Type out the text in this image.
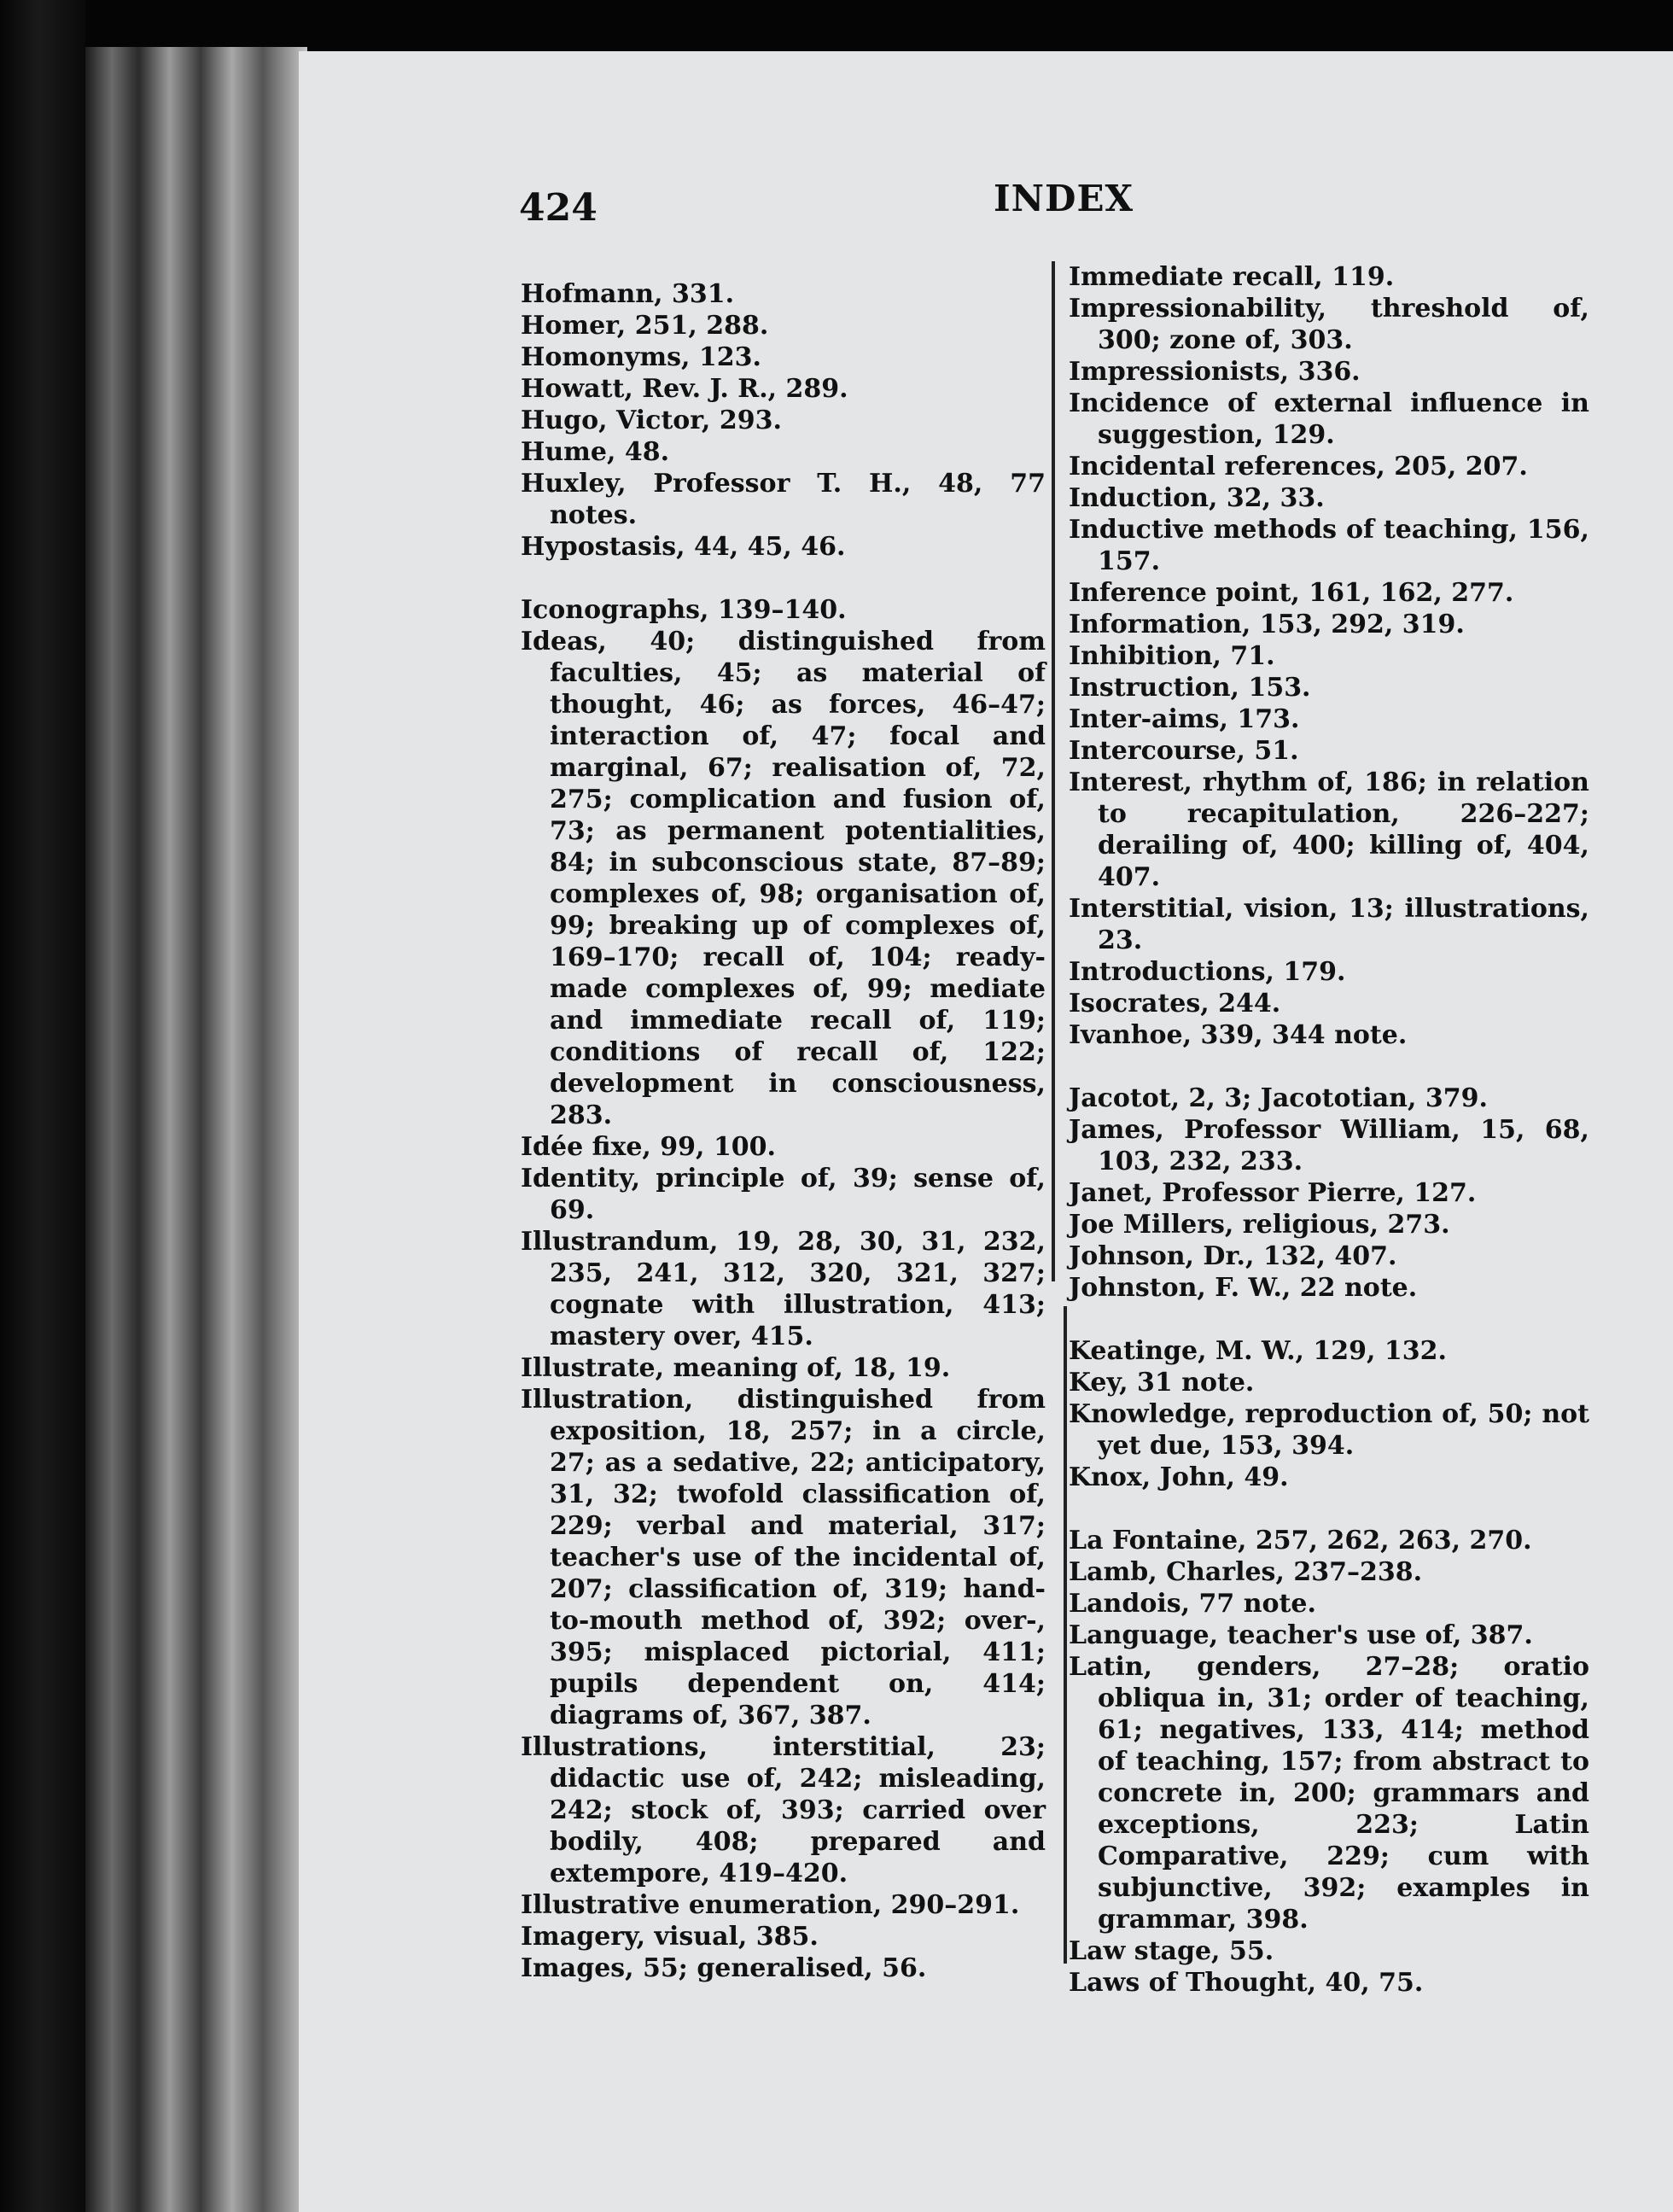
424	INDEX

Hofmann, 331.

Homer, 251, 288.

Homonyms, 123.

Howatt, Rev. J. R., 289.

Hugo, Victor, 293.

Hume, 48.

Huxley, Professor T. H., 48, 77 notes.

Hypostasis, 44, 45, 46.

Iconographs, 139–140.

Ideas, 40; distinguished from faculties, 45; as material of thought, 46; as forces, 46–47; interaction of, 47; focal and marginal, 67; realisation of, 72, 275; complication and fusion of, 73; as permanent potentialities, 84; in subconscious state, 87–89; complexes of, 98; organisation of, 99; breaking up of complexes of, 169–170; recall of, 104; ready-made complexes of, 99; mediate and immediate recall of, 119; conditions of recall of, 122; development in consciousness, 283.

Idée fixe, 99, 100.

Identity, principle of, 39; sense of, 69.

Illustrandum, 19, 28, 30, 31, 232, 235, 241, 312, 320, 321, 327; cognate with illustration, 413; mastery over, 415.

Illustrate, meaning of, 18, 19.

Illustration, distinguished from exposition, 18, 257; in a circle, 27; as a sedative, 22; anticipatory, 31, 32; twofold classification of, 229; verbal and material, 317; teacher's use of the incidental of, 207; classification of, 319; hand-to-mouth method of, 392; over-, 395; misplaced pictorial, 411; pupils dependent on, 414; diagrams of, 367, 387.

Illustrations, interstitial, 23; didactic use of, 242; misleading, 242; stock of, 393; carried over bodily, 408; prepared and extempore, 419–420.

Illustrative enumeration, 290–291.

Imagery, visual, 385.

Images, 55; generalised, 56.

Immediate recall, 119.

Impressionability, threshold of, 300; zone of, 303.

Impressionists, 336.

Incidence of external influence in suggestion, 129.

Incidental references, 205, 207.

Induction, 32, 33.

Inductive methods of teaching, 156, 157.

Inference point, 161, 162, 277.

Information, 153, 292, 319.

Inhibition, 71.

Instruction, 153.

Inter-aims, 173.

Intercourse, 51.

Interest, rhythm of, 186; in relation to recapitulation, 226–227; derailing of, 400; killing of, 404, 407.

Interstitial, vision, 13; illustrations, 23.

Introductions, 179.

Isocrates, 244.

Ivanhoe, 339, 344 note.

Jacotot, 2, 3; Jacototian, 379.

James, Professor William, 15, 68, 103, 232, 233.

Janet, Professor Pierre, 127.

Joe Millers, religious, 273.

Johnson, Dr., 132, 407.

Johnston, F. W., 22 note.

Keatinge, M. W., 129, 132.

Key, 31 note.

Knowledge, reproduction of, 50; not yet due, 153, 394.

Knox, John, 49.

La Fontaine, 257, 262, 263, 270.

Lamb, Charles, 237–238.

Landois, 77 note.

Language, teacher's use of, 387.

Latin, genders, 27–28; oratio obliqua in, 31; order of teaching, 61; negatives, 133, 414; method of teaching, 157; from abstract to concrete in, 200; grammars and exceptions, 223; Latin Comparative, 229; cum with subjunctive, 392; examples in grammar, 398.

Law stage, 55.

Laws of Thought, 40, 75.
